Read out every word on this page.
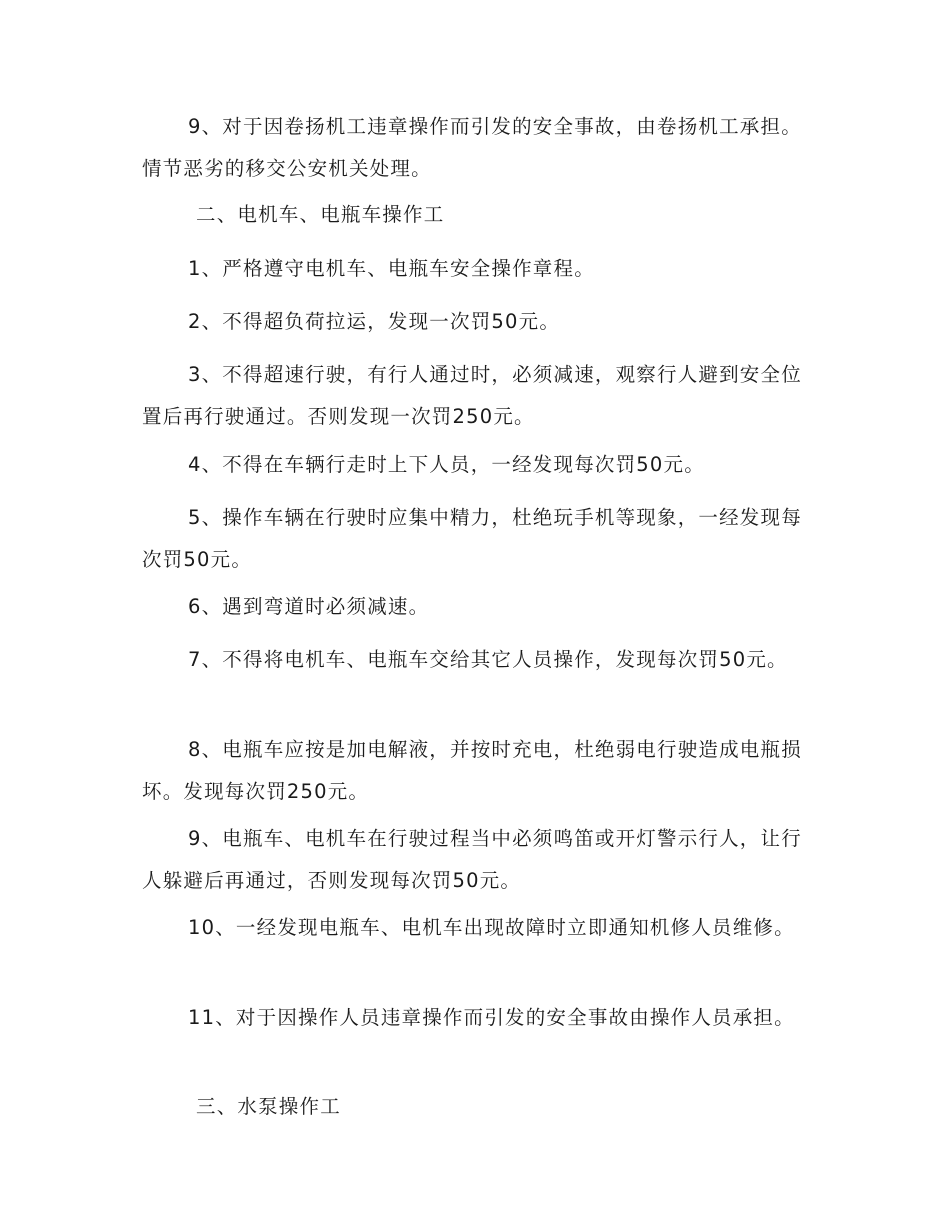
9、对于因卷扬机工违章操作而引发的安全事故，由卷扬机工承担。情节恶劣的移交公安机关处理。

二、电机车、电瓶车操作工

1、严格遵守电机车、电瓶车安全操作章程。

2、不得超负荷拉运，发现一次罚50元。

3、不得超速行驶，有行人通过时，必须减速，观察行人避到安全位置后再行驶通过。否则发现一次罚250元。

4、不得在车辆行走时上下人员，一经发现每次罚50元。

5、操作车辆在行驶时应集中精力，杜绝玩手机等现象，一经发现每次罚50元。

6、遇到弯道时必须减速。

7、不得将电机车、电瓶车交给其它人员操作，发现每次罚50元。

8、电瓶车应按是加电解液，并按时充电，杜绝弱电行驶造成电瓶损坏。发现每次罚250元。

9、电瓶车、电机车在行驶过程当中必须鸣笛或开灯警示行人，让行人躲避后再通过，否则发现每次罚50元。

10、一经发现电瓶车、电机车出现故障时立即通知机修人员维修。

11、对于因操作人员违章操作而引发的安全事故由操作人员承担。

三、水泵操作工
